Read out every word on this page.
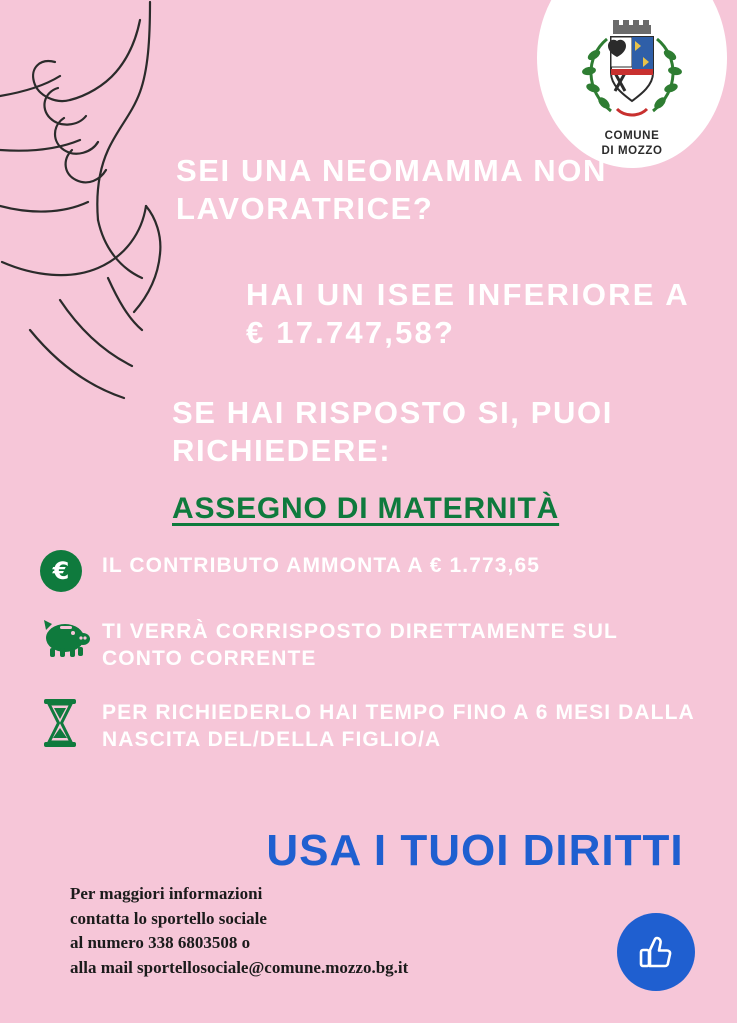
COMUNE
DI MOZZO
SEI UNA NEOMAMMA NON LAVORATRICE?
HAI UN ISEE INFERIORE A € 17.747,58?
SE HAI RISPOSTO SI, PUOI RICHIEDERE:
ASSEGNO DI MATERNITÀ
€	IL CONTRIBUTO AMMONTA A € 1.773,65
TI VERRÀ CORRISPOSTO DIRETTAMENTE SUL CONTO CORRENTE
PER RICHIEDERLO HAI TEMPO FINO A 6 MESI DALLA NASCITA DEL/DELLA FIGLIO/A
USA I TUOI DIRITTI
Per maggiori informazioni
contatta lo sportello sociale
al numero 338 6803508 o
alla mail sportellosociale@comune.mozzo.bg.it
